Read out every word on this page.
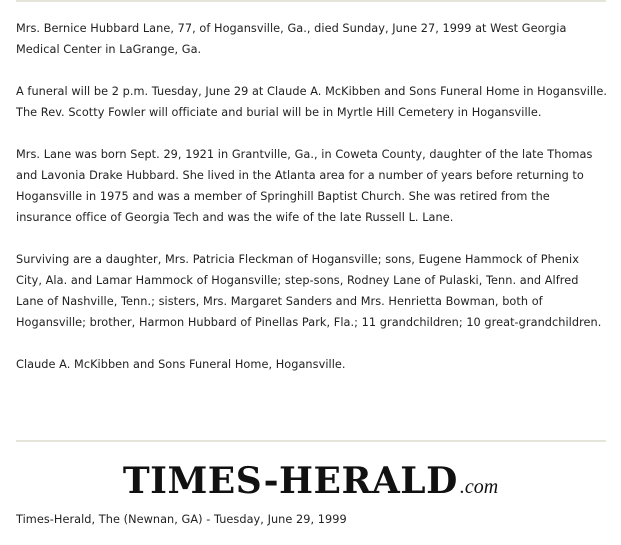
Mrs. Bernice Hubbard Lane, 77, of Hogansville, Ga., died Sunday, June 27, 1999 at West Georgia Medical Center in LaGrange, Ga.

A funeral will be 2 p.m. Tuesday, June 29 at Claude A. McKibben and Sons Funeral Home in Hogansville. The Rev. Scotty Fowler will officiate and burial will be in Myrtle Hill Cemetery in Hogansville.

Mrs. Lane was born Sept. 29, 1921 in Grantville, Ga., in Coweta County, daughter of the late Thomas and Lavonia Drake Hubbard. She lived in the Atlanta area for a number of years before returning to Hogansville in 1975 and was a member of Springhill Baptist Church. She was retired from the insurance office of Georgia Tech and was the wife of the late Russell L. Lane.

Surviving are a daughter, Mrs. Patricia Fleckman of Hogansville; sons, Eugene Hammock of Phenix City, Ala. and Lamar Hammock of Hogansville; step-sons, Rodney Lane of Pulaski, Tenn. and Alfred Lane of Nashville, Tenn.; sisters, Mrs. Margaret Sanders and Mrs. Henrietta Bowman, both of Hogansville; brother, Harmon Hubbard of Pinellas Park, Fla.; 11 grandchildren; 10 great-grandchildren.

Claude A. McKibben and Sons Funeral Home, Hogansville.

TIMES-HERALD .com
Times-Herald, The (Newnan, GA) - Tuesday, June 29, 1999
